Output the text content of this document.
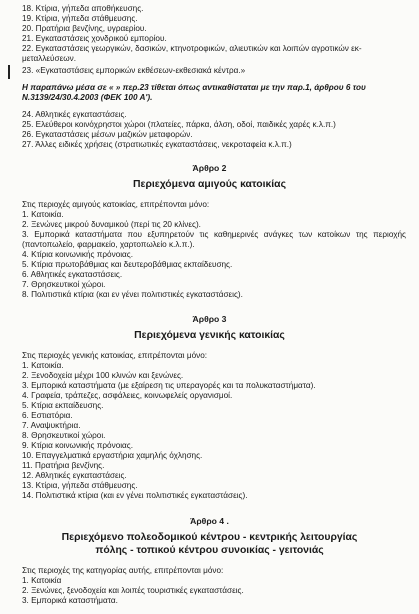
18. Κτίρια, γήπεδα αποθήκευσης.
19. Κτίρια, γήπεδα στάθμευσης.
20. Πρατήρια βενζίνης, υγραερίου.
21. Εγκαταστάσεις χονδρικού εμπορίου.
22. Εγκαταστάσεις γεωργικών, δασικών, κτηνοτροφικών, αλιευτικών και λοιπών αγροτικών εκ-
μεταλλεύσεων.
23. «Εγκαταστάσεις εμπορικών εκθέσεων-εκθεσιακά κέντρα.»
Η παραπάνω μέσα σε « » περ.23 τίθεται όπως αντικαθίσταται με την παρ.1, άρθρου 6 του
Ν.3139/24/30.4.2003 (ΦΕΚ 100 Α').
24. Αθλητικές εγκαταστάσεις.
25. Ελεύθεροι κοινόχρηστοι χώροι (πλατείες, πάρκα, άλση, οδοί, παιδικές χαρές κ.λ.π.)
26. Εγκαταστάσεις μέσων μαζικών μεταφορών.
27. Άλλες ειδικές χρήσεις (στρατιωτικές εγκαταστάσεις, νεκροταφεία κ.λ.π.)
Άρθρο 2
Περιεχόμενα αμιγούς κατοικίας
Στις περιοχές αμιγούς κατοικίας, επιτρέπονται μόνο:
1. Κατοικία.
2. Ξενώνες μικρού δυναμικού (περί τις 20 κλίνες).
3. Εμπορικά καταστήματα που εξυπηρετούν τις καθημερινές ανάγκες των κατοίκων της περιοχής (παντοπωλείο, φαρμακείο, χαρτοπωλείο κ.λ.π.).
4. Κτίρια κοινωνικής πρόνοιας.
5. Κτίρια πρωτοβάθμιας και δευτεροβάθμιας εκπαίδευσης.
6. Αθλητικές εγκαταστάσεις.
7. Θρησκευτικοί χώροι.
8. Πολιτιστικά κτίρια (και εν γένει πολιτιστικές εγκαταστάσεις).
Άρθρο 3
Περιεχόμενα γενικής κατοικίας
Στις περιοχές γενικής κατοικίας, επιτρέπονται μόνο:
1. Κατοικία.
2. Ξενοδοχεία μέχρι 100 κλινών και ξενώνες.
3. Εμπορικά καταστήματα (με εξαίρεση τις υπεραγορές και τα πολυκαταστήματα).
4. Γραφεία, τράπεζες, ασφάλειες, κοινωφελείς οργανισμοί.
5. Κτίρια εκπαίδευσης.
6. Εστιατόρια.
7. Αναψυκτήρια.
8. Θρησκευτικοί χώροι.
9. Κτίρια κοινωνικής πρόνοιας.
10. Επαγγελματικά εργαστήρια χαμηλής όχλησης.
11. Πρατήρια βενζίνης.
12. Αθλητικές εγκαταστάσεις.
13. Κτίρια, γήπεδα στάθμευσης.
14. Πολιτιστικά κτίρια (και εν γένει πολιτιστικές εγκαταστάσεις).
Άρθρο 4 .
Περιεχόμενο πολεοδομικού κέντρου - κεντρικής λειτουργίας
πόλης - τοπικού κέντρου συνοικίας - γειτονιάς
Στις περιοχές της κατηγορίας αυτής, επιτρέπονται μόνο:
1. Κατοικία
2. Ξενώνες, ξενοδοχεία και λοιπές τουριστικές εγκαταστάσεις.
3. Εμπορικά καταστήματα.
